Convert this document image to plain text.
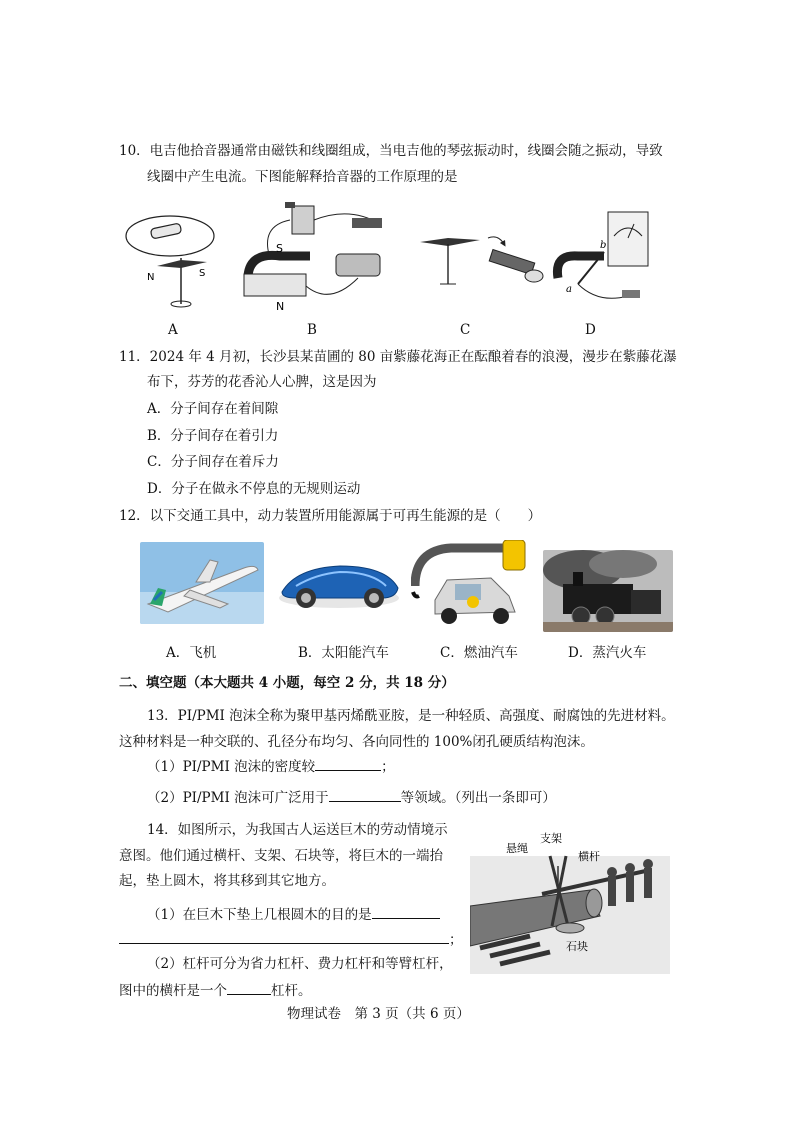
10．电吉他拾音器通常由磁铁和线圈组成，当电吉他的琴弦振动时，线圈会随之振动，导致
线圈中产生电流。下图能解释拾音器的工作原理的是
N	S
S
N
a
b
A	B	C	D
11．2024 年 4 月初，长沙县某苗圃的 80 亩紫藤花海正在酝酿着春的浪漫，漫步在紫藤花瀑
布下，芬芳的花香沁人心脾，这是因为
A．分子间存在着间隙
B．分子间存在着引力
C．分子间存在着斥力
D．分子在做永不停息的无规则运动
12．以下交通工具中，动力装置所用能源属于可再生能源的是（　　）
A．飞机	B．太阳能汽车	C．燃油汽车	D．蒸汽火车
二、填空题（本大题共 4 小题，每空 2 分，共 18 分）
13．PI/PMI 泡沫全称为聚甲基丙烯酰亚胺，是一种轻质、高强度、耐腐蚀的先进材料。
这种材料是一种交联的、孔径分布均匀、各向同性的 100%闭孔硬质结构泡沫。
（1）PI/PMI 泡沫的密度较	；
（2）PI/PMI 泡沫可广泛用于	等领域。（列出一条即可）
14．如图所示，为我国古人运送巨木的劳动情境示
意图。他们通过横杆、支架、石块等，将巨木的一端抬
起，垫上圆木，将其移到其它地方。
（1）在巨木下垫上几根圆木的目的是
；
（2）杠杆可分为省力杠杆、费力杠杆和等臂杠杆，
图中的横杆是一个	杠杆。
悬绳
支架
横杆
石块
物理试卷　第 3 页（共 6 页）
